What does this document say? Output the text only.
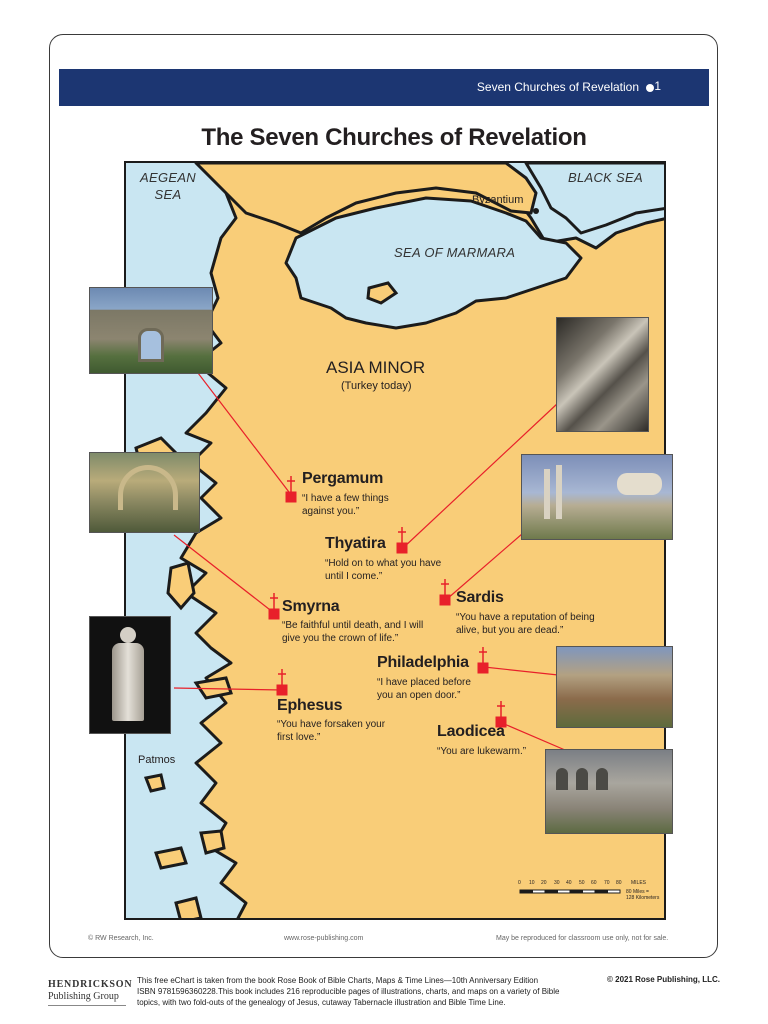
Seven Churches of Revelation 1
The Seven Churches of Revelation
AEGEAN
SEA
BLACK SEA
SEA OF MARMARA
Byzantium
Patmos
ASIA MINOR
(Turkey today)
Pergamum
“I have a few things against you.”
Thyatira
“Hold on to what you have until I come.”
Sardis
“You have a reputation of being alive, but you are dead.”
Smyrna
“Be faithful until death, and I will give you the crown of life.”
Philadelphia
“I have placed before you an open door.”
Ephesus
“You have forsaken your first love.”	Laodicea
“You are lukewarm.”
0 10 20 30 40 50 60 70 80 MILES
80 Miles =
128 Kilometers
© RW Research, Inc.	www.rose-publishing.com	May be reproduced for classroom use only, not for sale.
HENDRICKSON
Publishing Group
This free eChart is taken from the book Rose Book of Bible Charts, Maps & Time Lines—10th Anniversary Edition
ISBN 9781596360228.This book includes 216 reproducible pages of illustrations, charts, and maps on a variety of Bible
topics, with two fold-outs of the genealogy of Jesus, cutaway Tabernacle illustration and Bible Time Line.
© 2021 Rose Publishing, LLC.
